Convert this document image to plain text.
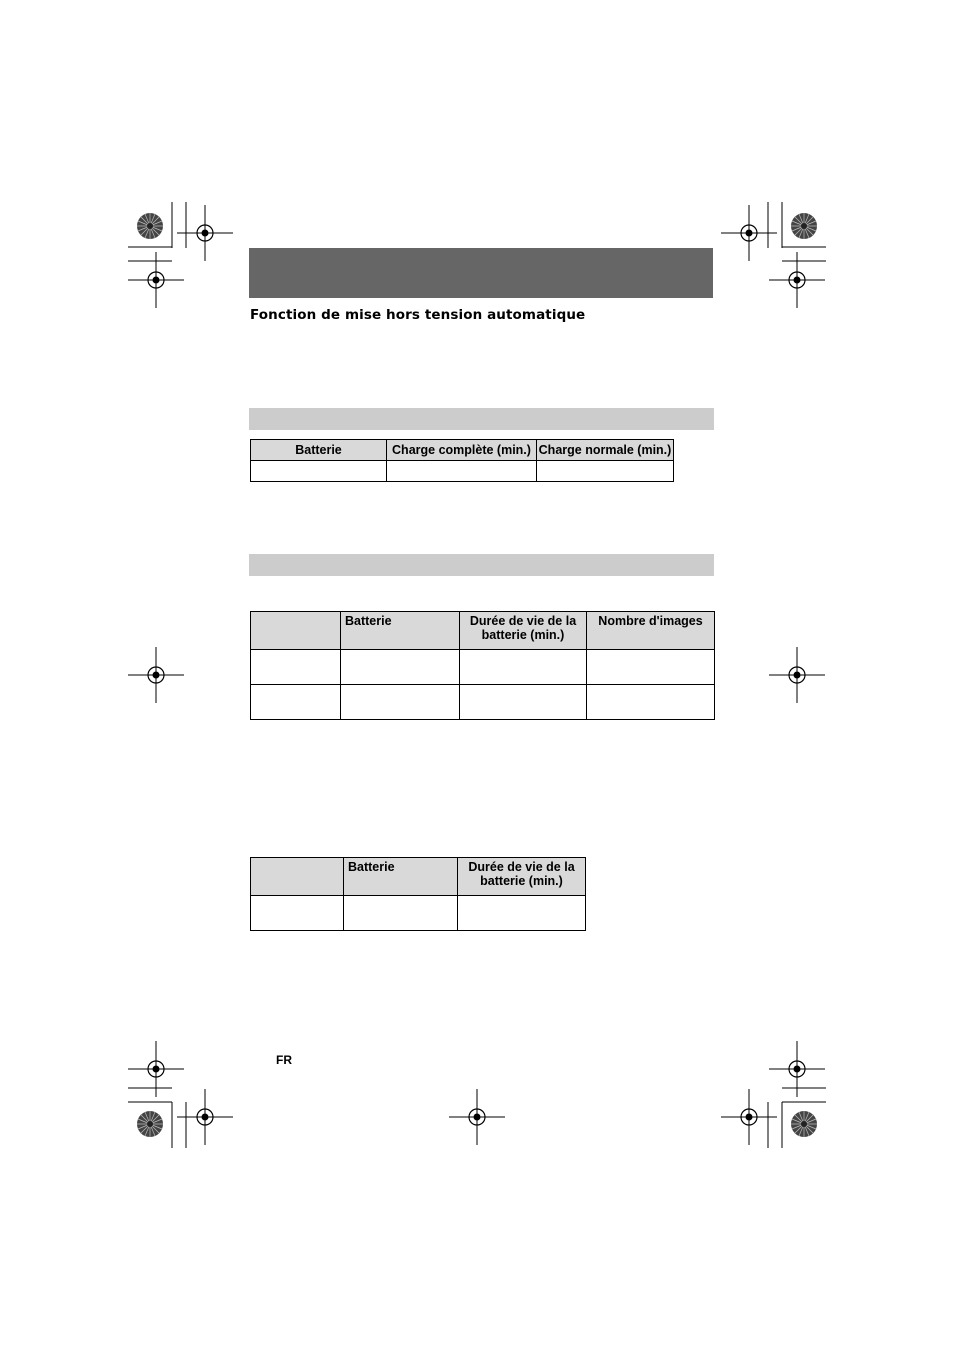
Fonction de mise hors tension automatique
Batterie	Charge complète (min.)	Charge normale (min.)

	Batterie	Durée de vie de la batterie (min.)	Nombre d'images

	Batterie	Durée de vie de la batterie (min.)

FR
